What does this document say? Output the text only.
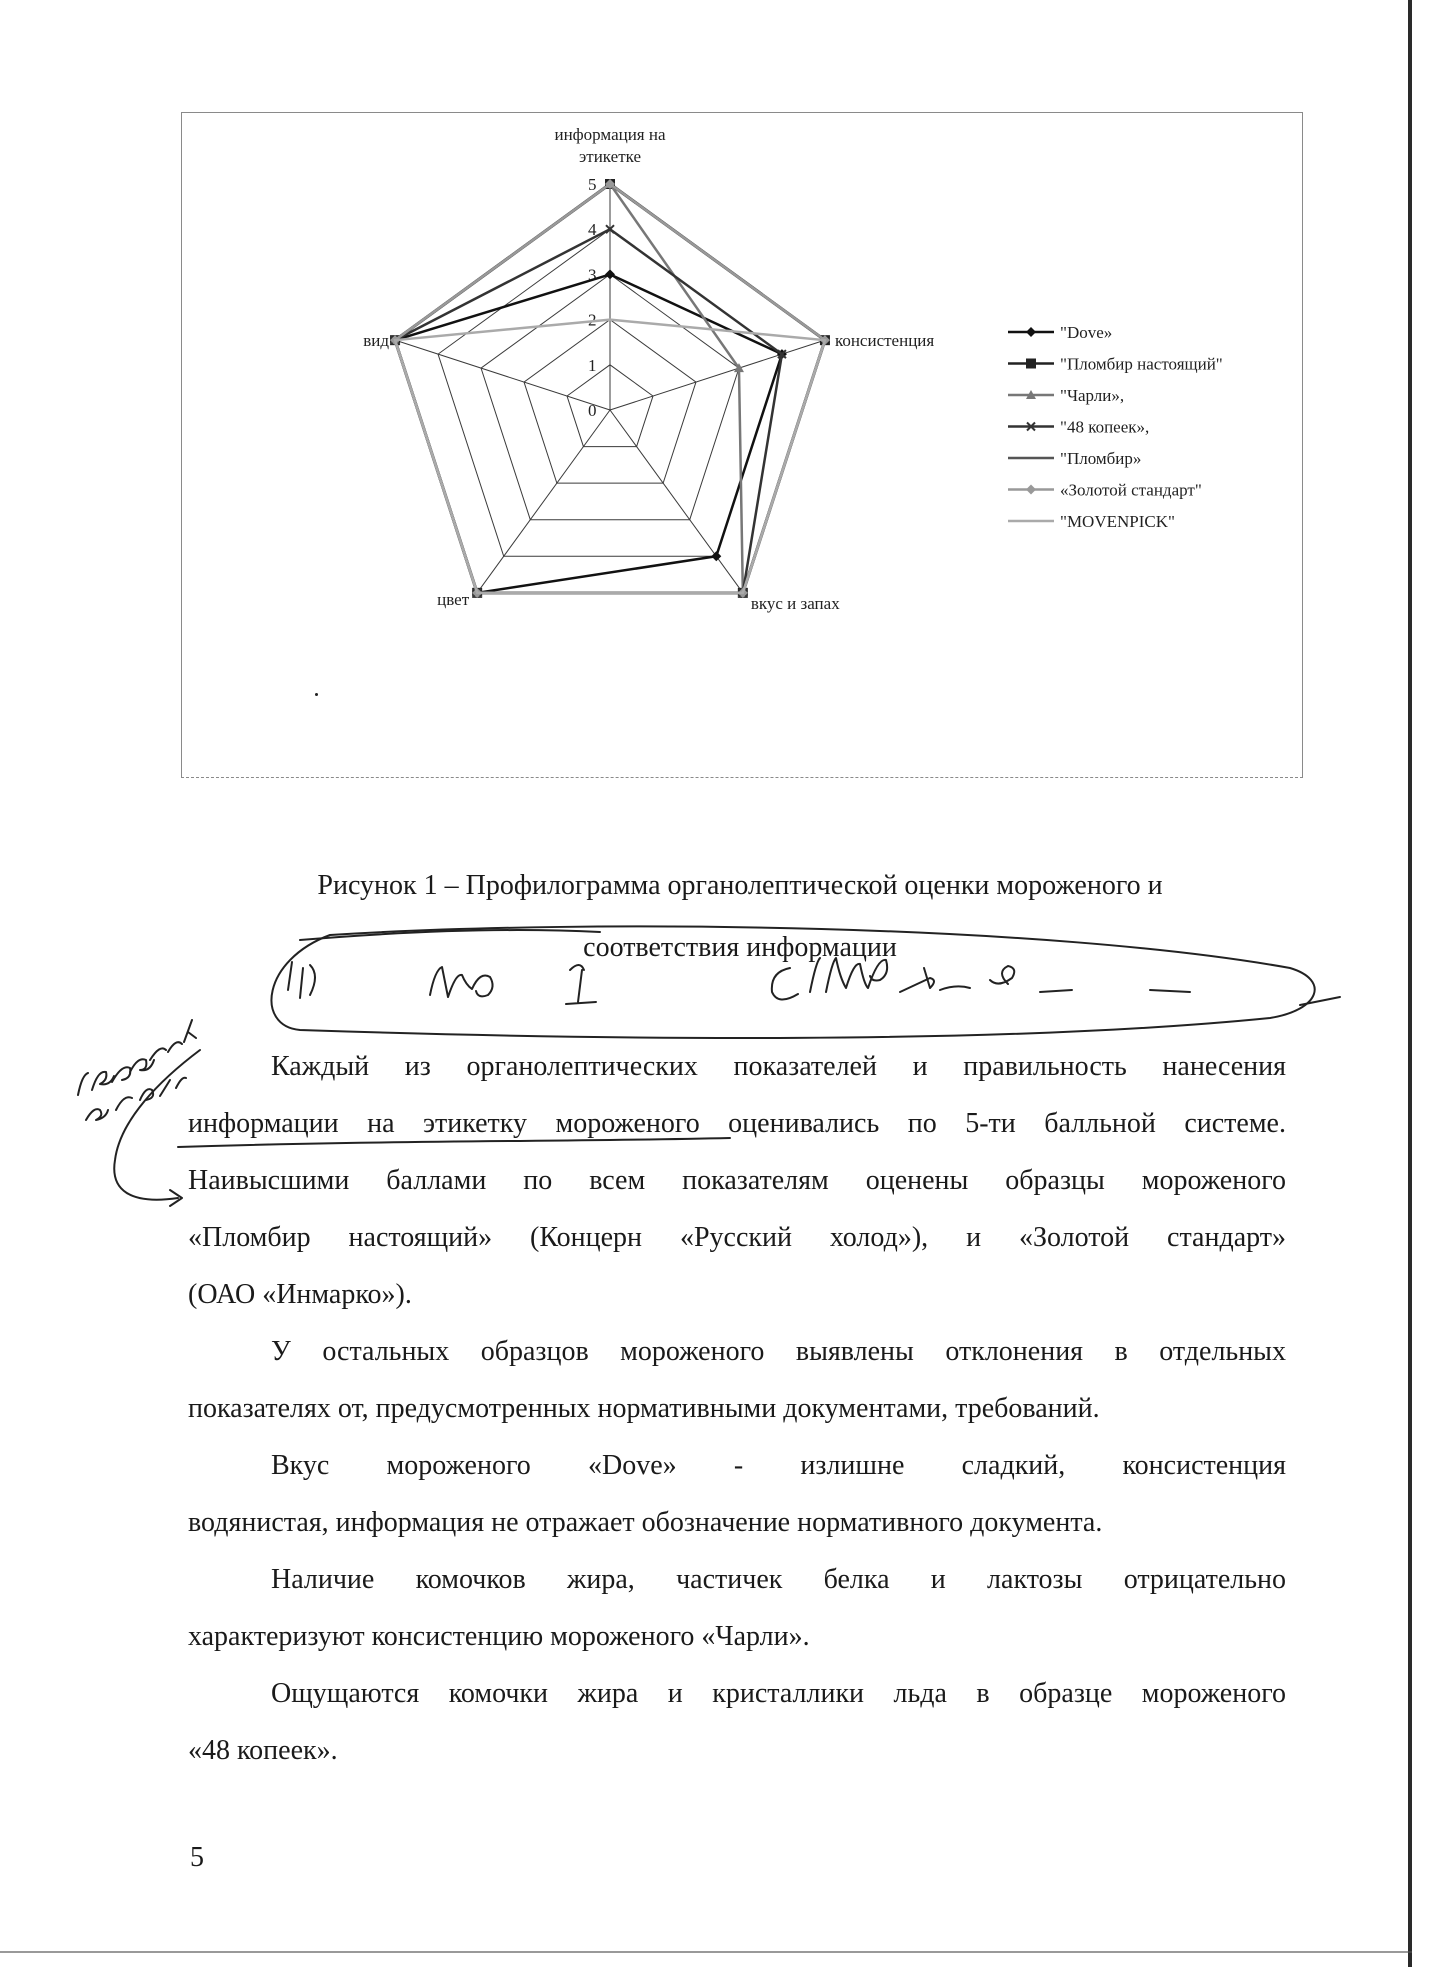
0
1
2
3
4
5
информация на
этикетке
консистенция
вкус и запах
цвет
вид	"Dove»
"Пломбир настоящий"
"Чарли»,
"48 копеек»,
"Пломбир»
«Золотой стандарт"
"MOVENPICK"
Рисунок 1 – Профилограмма органолептической оценки мороженого и
соответствия информации

Каждый из органолептических показателей и правильность нанесения

информации на этикетку мороженого оценивались по 5-ти балльной системе.

Наивысшими баллами по всем показателям оценены образцы мороженого

«Пломбир настоящий» (Концерн «Русский холод»), и «Золотой стандарт»

(ОАО «Инмарко»).

У остальных образцов мороженого выявлены отклонения в отдельных

показателях от, предусмотренных нормативными документами, требований.

Вкус мороженого «Dove» - излишне сладкий, консистенция

водянистая, информация не отражает обозначение нормативного документа.

Наличие комочков жира, частичек белка и лактозы отрицательно

характеризуют консистенцию мороженого «Чарли».

Ощущаются комочки жира и кристаллики льда в образце мороженого

«48 копеек».

5
